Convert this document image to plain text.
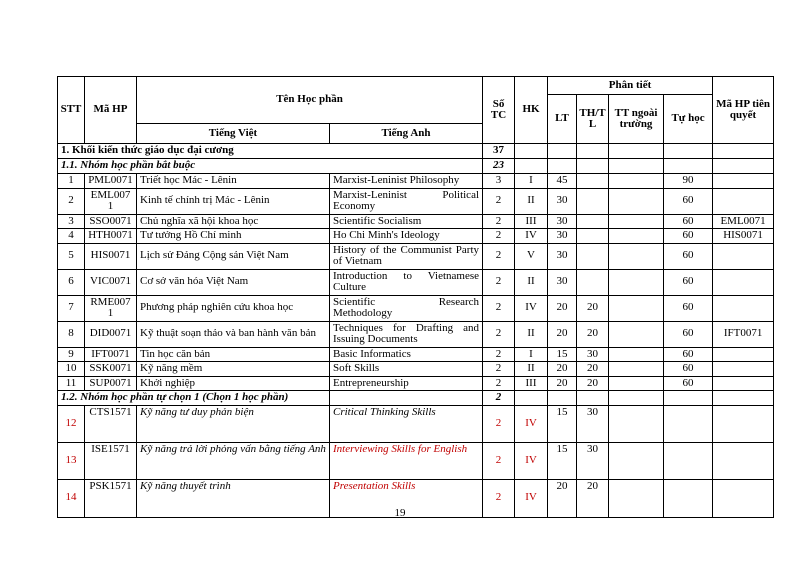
STT	Mã HP	Tên Học phần		Số TC	HK	Phân tiết				Mã HP tiên quyết
						LT	TH/TL	TT ngoài trường	Tự học	
		Tiếng Việt	Tiếng Anh							
1. Khối kiến thức giáo dục đại cương				37						
1.1. Nhóm học phần bắt buộc				23						
1	PML0071	Triết học Mác - Lênin	Marxist-Leninist Philosophy	3	I	45			90	
2	EML0071	Kinh tế chính trị Mác - Lênin	Marxist-Leninist Political Economy	2	II	30			60	
3	SSO0071	Chủ nghĩa xã hội khoa học	Scientific Socialism	2	III	30			60	EML0071
4	HTH0071	Tư tưởng Hồ Chí minh	Ho Chi Minh's Ideology	2	IV	30			60	HIS0071
5	HIS0071	Lịch sử Đảng Cộng sản Việt Nam	History of the Communist Party of Vietnam	2	V	30			60	
6	VIC0071	Cơ sở văn hóa Việt Nam	Introduction to Vietnamese Culture	2	II	30			60	
7	RME0071	Phương pháp nghiên cứu khoa học	Scientific Research Methodology	2	IV	20	20		60	
8	DID0071	Kỹ thuật soạn thảo và ban hành văn bản	Techniques for Drafting and Issuing Documents	2	II	20	20		60	IFT0071
9	IFT0071	Tin học căn bản	Basic Informatics	2	I	15	30		60	
10	SSK0071	Kỹ năng mềm	Soft Skills	2	II	20	20		60	
11	SUP0071	Khởi nghiệp	Entrepreneurship	2	III	20	20		60	
1.2. Nhóm học phần tự chọn 1 (Chọn 1 học phần)				2						
12	CTS1571	Kỹ năng tư duy phản biện	Critical Thinking Skills	2	IV	15	30			
13	ISE1571	Kỹ năng trả lời phỏng vấn bằng tiếng Anh	Interviewing Skills for English	2	IV	15	30			
14	PSK1571	Kỹ năng thuyết trình	Presentation Skills	2	IV	20	20			
19
